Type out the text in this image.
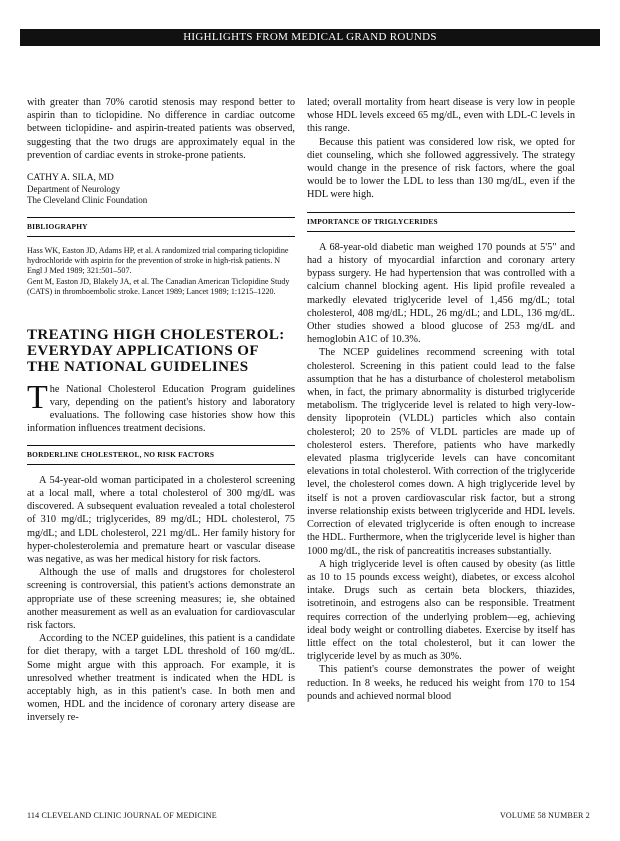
HIGHLIGHTS FROM MEDICAL GRAND ROUNDS

with greater than 70% carotid stenosis may respond better to aspirin than to ticlopidine. No difference in cardiac outcome between ticlopidine- and aspirin-treated patients was observed, suggesting that the two drugs are approximately equal in the prevention of cardiac events in stroke-prone patients.

CATHY A. SILA, MD
Department of Neurology
The Cleveland Clinic Foundation
BIBLIOGRAPHY

Hass WK, Easton JD, Adams HP, et al. A randomized trial comparing ticlopidine hydrochloride with aspirin for the prevention of stroke in high-risk patients. N Engl J Med 1989; 321:501–507.

Gent M, Easton JD, Blakely JA, et al. The Canadian American Ticlopidine Study (CATS) in thromboembolic stroke. Lancet 1989; Lancet 1989; 1:1215–1220.

TREATING HIGH CHOLESTEROL: EVERYDAY APPLICATIONS OF THE NATIONAL GUIDELINES

The National Cholesterol Education Program guidelines vary, depending on the patient's history and laboratory evaluations. The following case histories show how this information influences treatment decisions.

BORDERLINE CHOLESTEROL, NO RISK FACTORS

A 54-year-old woman participated in a cholesterol screening at a local mall, where a total cholesterol of 300 mg/dL was discovered. A subsequent evaluation revealed a total cholesterol of 310 mg/dL; triglycerides, 89 mg/dL; HDL cholesterol, 75 mg/dL; and LDL cholesterol, 221 mg/dL. Her family history for hyper-cholesterolemia and premature heart or vascular disease was negative, as was her medical history for risk factors.

Although the use of malls and drugstores for cholesterol screening is controversial, this patient's actions demonstrate an appropriate use of these screening measures; ie, she obtained another measurement as well as an evaluation for cardiovascular risk factors.

According to the NCEP guidelines, this patient is a candidate for diet therapy, with a target LDL threshold of 160 mg/dL. Some might argue with this approach. For example, it is unresolved whether treatment is indicated when the HDL is acceptably high, as in this patient's case. In both men and women, HDL and the incidence of coronary artery disease are inversely re-

lated; overall mortality from heart disease is very low in people whose HDL levels exceed 65 mg/dL, even with LDL-C levels in this range.

Because this patient was considered low risk, we opted for diet counseling, which she followed aggressively. The strategy would change in the presence of risk factors, where the goal would be to lower the LDL to less than 130 mg/dL, even if the HDL were high.

IMPORTANCE OF TRIGLYCERIDES

A 68-year-old diabetic man weighed 170 pounds at 5'5" and had a history of myocardial infarction and coronary artery bypass surgery. He had hypertension that was controlled with a calcium channel blocking agent. His lipid profile revealed a markedly elevated triglyceride level of 1,456 mg/dL; total cholesterol, 408 mg/dL; HDL, 26 mg/dL; and LDL, 136 mg/dL. Other studies showed a blood glucose of 253 mg/dL and hemoglobin A1C of 10.3%.

The NCEP guidelines recommend screening with total cholesterol. Screening in this patient could lead to the false assumption that he has a disturbance of cholesterol metabolism when, in fact, the primary abnormality is disturbed triglyceride metabolism. The triglyceride level is related to high very-low-density lipoprotein (VLDL) particles which also contain cholesterol; 20 to 25% of VLDL particles are made up of cholesterol esters. Therefore, patients who have markedly elevated plasma triglyceride levels can have concomitant elevations in total cholesterol. With correction of the triglyceride level, the cholesterol comes down. A high triglyceride level by itself is not a proven cardiovascular risk factor, but a strong inverse relationship exists between triglyceride and HDL levels. Correction of elevated triglyceride is often enough to increase the HDL. Furthermore, when the triglyceride level is higher than 1000 mg/dL, the risk of pancreatitis increases substantially.

A high triglyceride level is often caused by obesity (as little as 10 to 15 pounds excess weight), diabetes, or excess alcohol intake. Drugs such as certain beta blockers, thiazides, isotretinoin, and estrogens also can be responsible. Treatment requires correction of the underlying problem—eg, achieving ideal body weight or controlling diabetes. Exercise by itself has little effect on the total cholesterol, but it can lower the triglyceride level by as much as 30%.

This patient's course demonstrates the power of weight reduction. In 8 weeks, he reduced his weight from 170 to 154 pounds and achieved normal blood

114 CLEVELAND CLINIC JOURNAL OF MEDICINE	VOLUME 58 NUMBER 2
